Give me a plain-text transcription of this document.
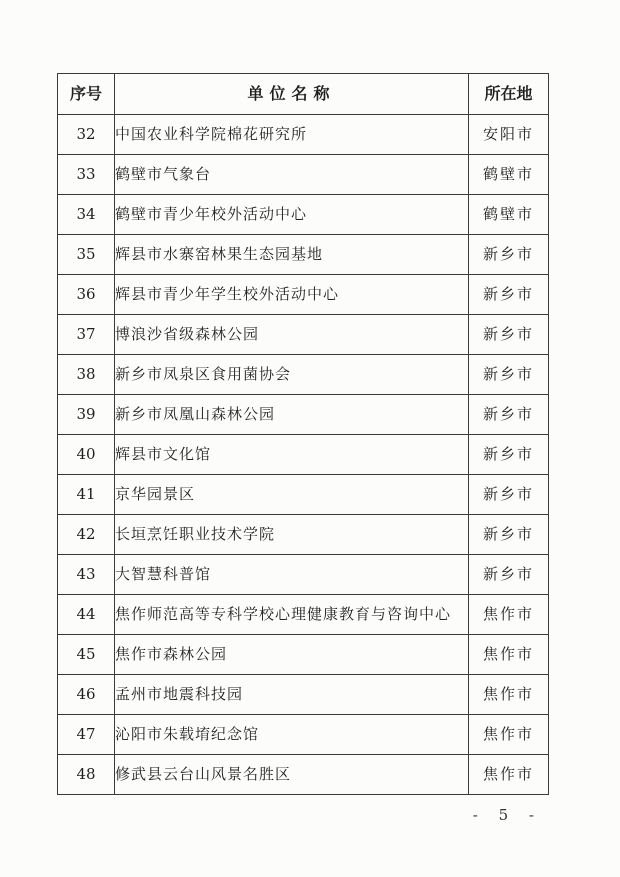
序号	单位名称	所在地
32	中国农业科学院棉花研究所	安阳市
33	鹤壁市气象台	鹤壁市
34	鹤壁市青少年校外活动中心	鹤壁市
35	辉县市水寨窑林果生态园基地	新乡市
36	辉县市青少年学生校外活动中心	新乡市
37	博浪沙省级森林公园	新乡市
38	新乡市凤泉区食用菌协会	新乡市
39	新乡市凤凰山森林公园	新乡市
40	辉县市文化馆	新乡市
41	京华园景区	新乡市
42	长垣烹饪职业技术学院	新乡市
43	大智慧科普馆	新乡市
44	焦作师范高等专科学校心理健康教育与咨询中心	焦作市
45	焦作市森林公园	焦作市
46	孟州市地震科技园	焦作市
47	沁阳市朱载堉纪念馆	焦作市
48	修武县云台山风景名胜区	焦作市
- 5 -
